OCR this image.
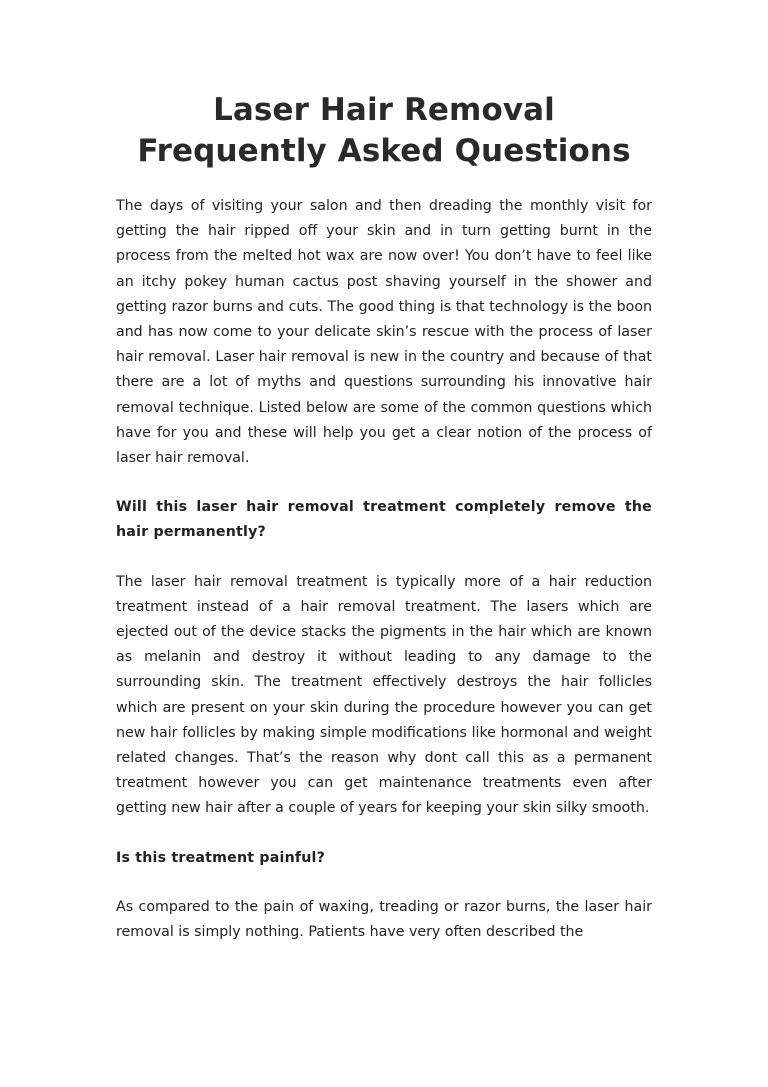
Laser Hair Removal Frequently Asked Questions

The days of visiting your salon and then dreading the monthly visit for getting the hair ripped off your skin and in turn getting burnt in the process from the melted hot wax are now over! You don’t have to feel like an itchy pokey human cactus post shaving yourself in the shower and getting razor burns and cuts. The good thing is that technology is the boon and has now come to your delicate skin’s rescue with the process of laser hair removal. Laser hair removal is new in the country and because of that there are a lot of myths and questions surrounding his innovative hair removal technique. Listed below are some of the common questions which have for you and these will help you get a clear notion of the process of laser hair removal.

Will this laser hair removal treatment completely remove the hair permanently?

The laser hair removal treatment is typically more of a hair reduction treatment instead of a hair removal treatment. The lasers which are ejected out of the device stacks the pigments in the hair which are known as melanin and destroy it without leading to any damage to the surrounding skin. The treatment effectively destroys the hair follicles which are present on your skin during the procedure however you can get new hair follicles by making simple modifications like hormonal and weight related changes. That’s the reason why dont call this as a permanent treatment however you can get maintenance treatments even after getting new hair after a couple of years for keeping your skin silky smooth.

Is this treatment painful?

As compared to the pain of waxing, treading or razor burns, the laser hair removal is simply nothing. Patients have very often described the
